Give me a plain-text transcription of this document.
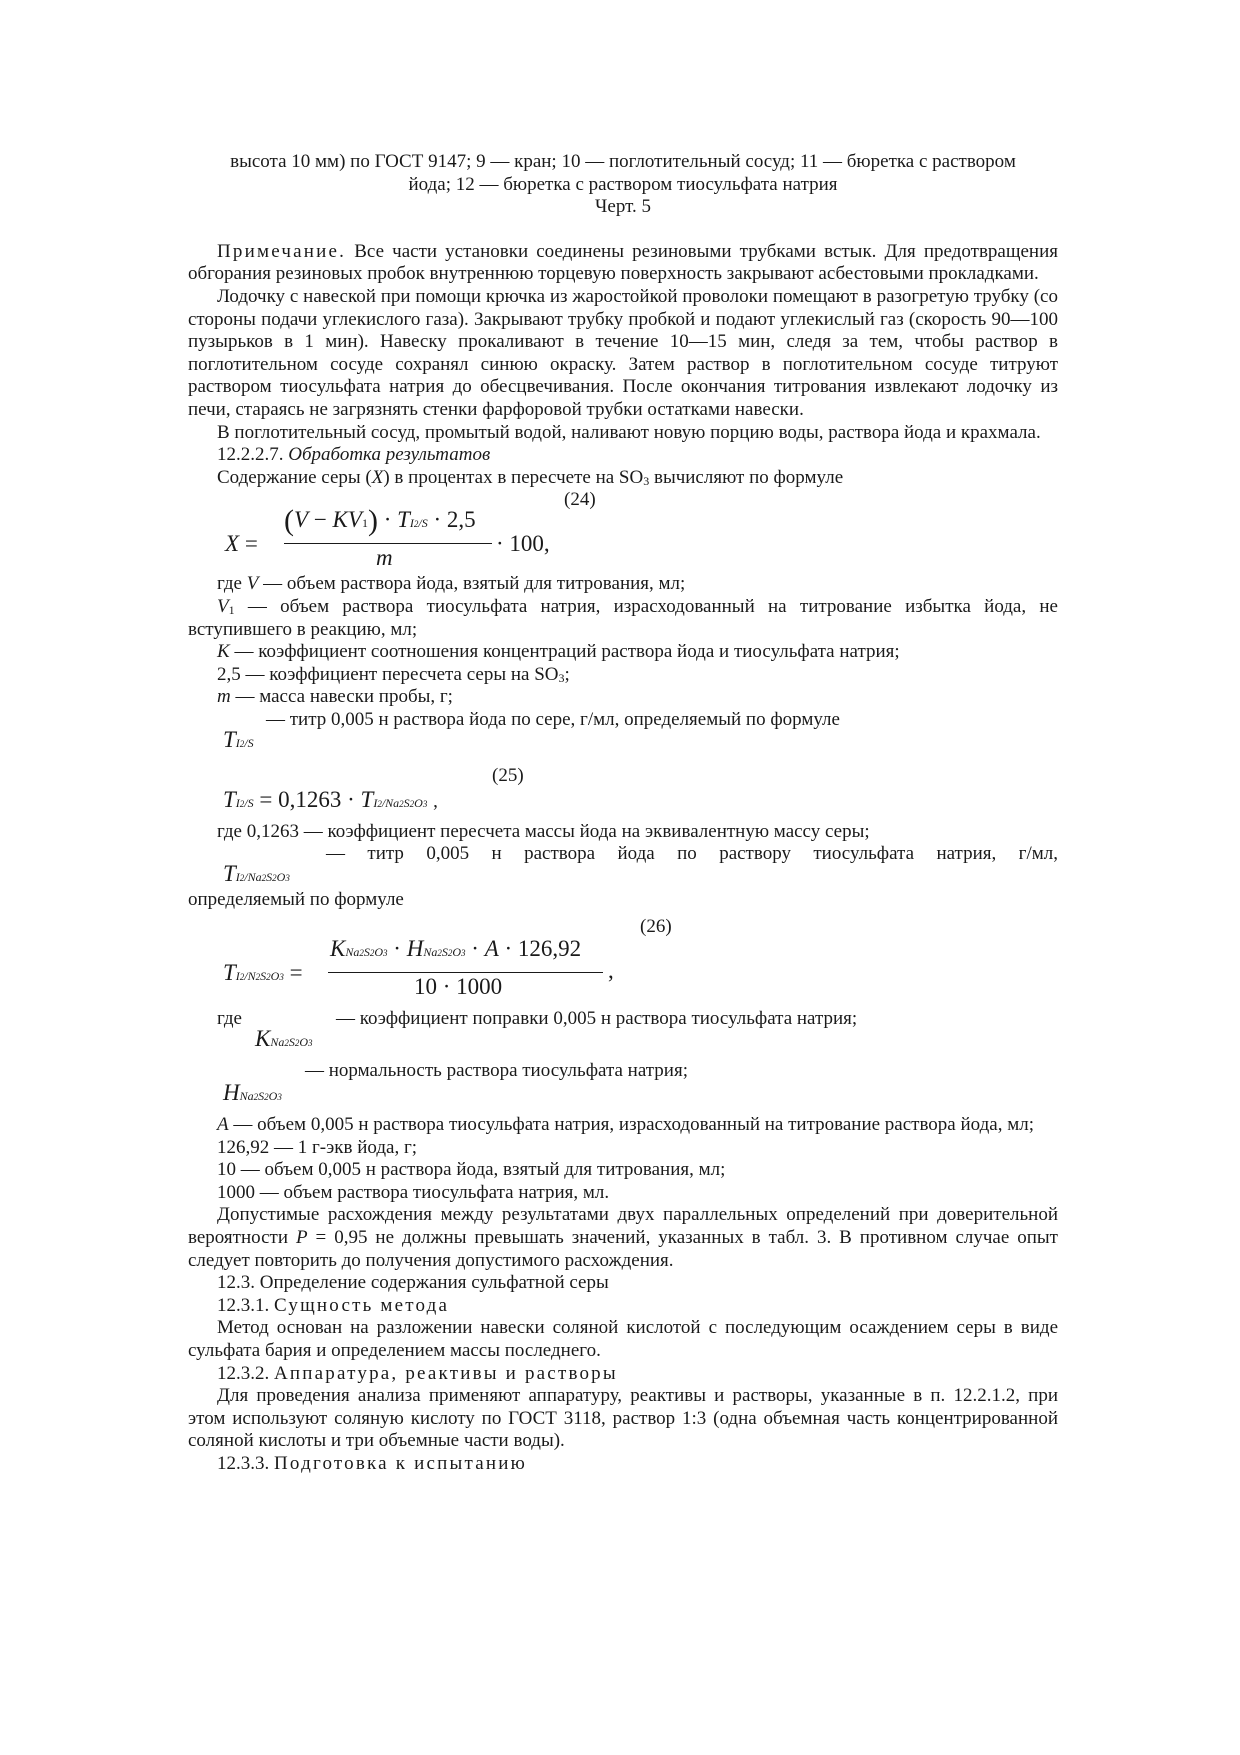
высота 10 мм) по ГОСТ 9147; 9 — кран; 10 — поглотительный сосуд; 11 — бюретка с раствором
йода; 12 — бюретка с раствором тиосульфата натрия
Черт. 5

Примечание. Все части установки соединены резиновыми трубками встык. Для предотвращения обгорания резиновых пробок внутреннюю торцевую поверхность закрывают асбестовыми прокладками.

Лодочку с навеской при помощи крючка из жаростойкой проволоки помещают в разогретую трубку (со стороны подачи углекислого газа). Закрывают трубку пробкой и подают углекислый газ (скорость 90—100 пузырьков в 1 мин). Навеску прокаливают в течение 10—15 мин, следя за тем, чтобы раствор в поглотительном сосуде сохранял синюю окраску. Затем раствор в поглотительном сосуде титруют раствором тиосульфата натрия до обесцвечивания. После окончания титрования извлекают лодочку из печи, стараясь не загрязнять стенки фарфоровой трубки остатками навески.

В поглотительный сосуд, промытый водой, наливают новую порцию воды, раствора йода и крахмала.

12.2.2.7. Обработка результатов

Содержание серы (X) в процентах в пересчете на $SO_3$ вычисляют по формуле

(24)
X =
(V − KV1) · TI2/S · 2,5
m
· 100,

где V — объем раствора йода, взятый для титрования, мл;

$V_1$ — объем раствора тиосульфата натрия, израсходованный на титрование избытка йода, не вступившего в реакцию, мл;

K — коэффициент соотношения концентраций раствора йода и тиосульфата натрия;

2,5 — коэффициент пересчета серы на $SO_3$;

m — масса навески пробы, г;

— титр 0,005 н раствора йода по сере, г/мл, определяемый по формуле
TI2/S
(25)
TI2/S = 0,1263 · TI2/Na2S2O3 ,

где 0,1263 — коэффициент пересчета массы йода на эквивалентную массу серы;

— титр 0,005 н раствора йода по раствору тиосульфата натрия, г/мл,

TI2/Na2S2O3

определяемый по формуле

(26)
TI2/N2S2O3 =
KNa2S2O3 · HNa2S2O3 · A · 126,92
10 · 1000
,
где	— коэффициент поправки 0,005 н раствора тиосульфата натрия;
KNa2S2O3
— нормальность раствора тиосульфата натрия;
HNa2S2O3

A — объем 0,005 н раствора тиосульфата натрия, израсходованный на титрование раствора йода, мл;

126,92 — 1 г-экв йода, г;

10 — объем 0,005 н раствора йода, взятый для титрования, мл;

1000 — объем раствора тиосульфата натрия, мл.

Допустимые расхождения между результатами двух параллельных определений при доверительной вероятности P = 0,95 не должны превышать значений, указанных в табл. 3. В противном случае опыт следует повторить до получения допустимого расхождения.

12.3. Определение содержания сульфатной серы

12.3.1. Сущность метода

Метод основан на разложении навески соляной кислотой с последующим осаждением серы в виде сульфата бария и определением массы последнего.

12.3.2. Аппаратура, реактивы и растворы

Для проведения анализа применяют аппаратуру, реактивы и растворы, указанные в п. 12.2.1.2, при этом используют соляную кислоту по ГОСТ 3118, раствор 1:3 (одна объемная часть концентрированной соляной кислоты и три объемные части воды).

12.3.3. Подготовка к испытанию
